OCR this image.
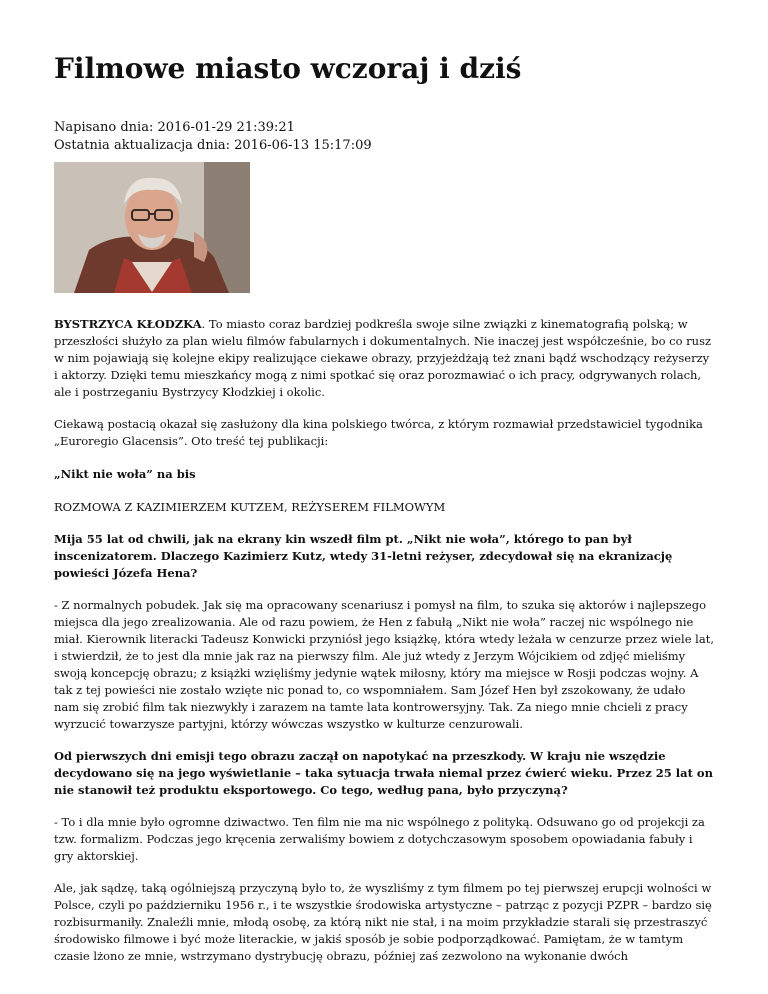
Filmowe miasto wczoraj i dziś
Napisano dnia: 2016-01-29 21:39:21
Ostatnia aktualizacja dnia: 2016-06-13 15:17:09

BYSTRZYCA KŁODZKA. To miasto coraz bardziej podkreśla swoje silne związki z kinematografią polską; w przeszłości służyło za plan wielu filmów fabularnych i dokumentalnych. Nie inaczej jest współcześnie, bo co rusz w nim pojawiają się kolejne ekipy realizujące ciekawe obrazy, przyjeżdżają też znani bądź wschodzący reżyserzy i aktorzy. Dzięki temu mieszkańcy mogą z nimi spotkać się oraz porozmawiać o ich pracy, odgrywanych rolach, ale i postrzeganiu Bystrzycy Kłodzkiej i okolic.

Ciekawą postacią okazał się zasłużony dla kina polskiego twórca, z którym rozmawiał przedstawiciel tygodnika „Euroregio Glacensis”. Oto treść tej publikacji:

„Nikt nie woła” na bis

ROZMOWA Z KAZIMIERZEM KUTZEM, REŻYSEREM FILMOWYM

Mija 55 lat od chwili, jak na ekrany kin wszedł film pt. „Nikt nie woła”, którego to pan był inscenizatorem. Dlaczego Kazimierz Kutz, wtedy 31-letni reżyser, zdecydował się na ekranizację powieści Józefa Hena?

- Z normalnych pobudek. Jak się ma opracowany scenariusz i pomysł na film, to szuka się aktorów i najlepszego miejsca dla jego zrealizowania. Ale od razu powiem, że Hen z fabułą „Nikt nie woła” raczej nic wspólnego nie miał. Kierownik literacki Tadeusz Konwicki przyniósł jego książkę, która wtedy leżała w cenzurze przez wiele lat, i stwierdził, że to jest dla mnie jak raz na pierwszy film. Ale już wtedy z Jerzym Wójcikiem od zdjęć mieliśmy swoją koncepcję obrazu; z książki wzięliśmy jedynie wątek miłosny, który ma miejsce w Rosji podczas wojny. A tak z tej powieści nie zostało wzięte nic ponad to, co wspomniałem. Sam Józef Hen był zszokowany, że udało nam się zrobić film tak niezwykły i zarazem na tamte lata kontrowersyjny. Tak. Za niego mnie chcieli z pracy wyrzucić towarzysze partyjni, którzy wówczas wszystko w kulturze cenzurowali.

Od pierwszych dni emisji tego obrazu zaczął on napotykać na przeszkody. W kraju nie wszędzie decydowano się na jego wyświetlanie – taka sytuacja trwała niemal przez ćwierć wieku. Przez 25 lat on nie stanowił też produktu eksportowego. Co tego, według pana, było przyczyną?

- To i dla mnie było ogromne dziwactwo. Ten film nie ma nic wspólnego z polityką. Odsuwano go od projekcji za tzw. formalizm. Podczas jego kręcenia zerwaliśmy bowiem z dotychczasowym sposobem opowiadania fabuły i gry aktorskiej.

Ale, jak sądzę, taką ogólniejszą przyczyną było to, że wyszliśmy z tym filmem po tej pierwszej erupcji wolności w Polsce, czyli po październiku 1956 r., i te wszystkie środowiska artystyczne – patrząc z pozycji PZPR – bardzo się rozbisurmaniły. Znaleźli mnie, młodą osobę, za którą nikt nie stał, i na moim przykładzie starali się przestraszyć środowisko filmowe i być może literackie, w jakiś sposób je sobie podporządkować. Pamiętam, że w tamtym czasie lżono ze mnie, wstrzymano dystrybucję obrazu, później zaś zezwolono na wykonanie dwóch
